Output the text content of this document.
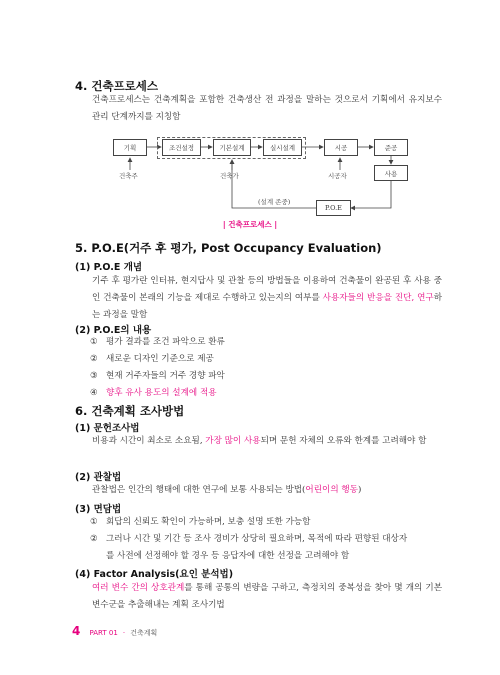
4. 건축프로세스
건축프로세스는 건축계획을 포함한 건축생산 전 과정을 말하는 것으로서 기획에서 유지보수 관리 단계까지를 지칭함
기획	조건설정	기본설계	실시설계	시공	준공
사용
P.O.E
건축주	건축가	시공자
(설계 존중)
| 건축프로세스 |
5. P.O.E(거주 후 평가, Post Occupancy Evaluation)
(1) P.O.E 개념
기주 후 평가란 인터뷰, 현지답사 및 관찰 등의 방법들을 이용하여 건축물이 완공된 후 사용 중인 건축물이 본래의 기능을 제대로 수행하고 있는지의 여부를 사용자들의 반응을 진단, 연구하는 과정을 말함
(2) P.O.E의 내용
① 평가 결과를 조건 파악으로 환류
② 새로운 디자인 기준으로 제공
③ 현재 거주자들의 거주 경향 파악
④ 향후 유사 용도의 설계에 적용
6. 건축계획 조사방법
(1) 문헌조사법
비용과 시간이 최소로 소요됨, 가장 많이 사용되며 문헌 자체의 오류와 한계를 고려해야 함
(2) 관찰법
관찰법은 인간의 행태에 대한 연구에 보통 사용되는 방법(어린이의 행동)
(3) 면담법
① 회답의 신뢰도 확인이 가능하며, 보충 설명 또한 가능함
② 그러나 시간 및 기간 등 조사 경비가 상당히 필요하며, 목적에 따라 편향된 대상자
를 사전에 선정해야 할 경우 등 응답자에 대한 선정을 고려해야 함
(4) Factor Analysis(요인 분석법)
여러 변수 간의 상호관계를 통해 공통의 변량을 구하고, 측정치의 중복성을 찾아 몇 개의 기본 변수군을 추출해내는 계획 조사기법
4 PART 01 · 건축계획
